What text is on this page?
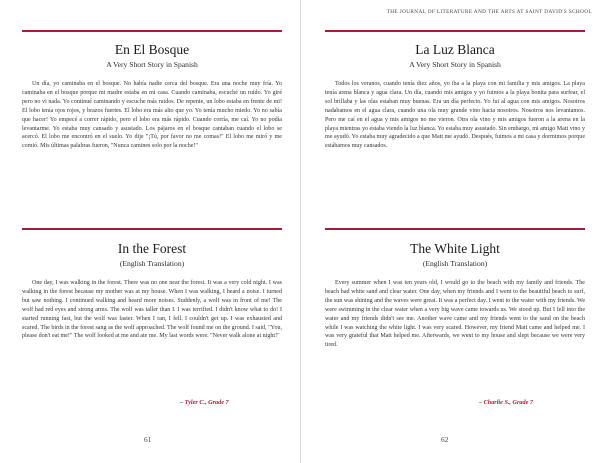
En El Bosque
A Very Short Story in Spanish

Un día, yo caminaba en el bosque. No había nadie cerca del bosque. Era una noche muy fría. Yo caminaba en el bosque porque mi madre estaba en mi casa. Cuando caminaba, escuché un ruido. Yo giré pero no vi nada. Yo continué caminando y escuche más ruidos. De repente, un lobo estaba en frente de mi! El lobo tenía ojos rojos, y brazos fuertes. El lobo era más alto que yo. Yo tenía mucho miedo. Yo no sabía que hacer! Yo empecé a correr rápido, pero el lobo era más rápido. Cuando corría, me caí. Yo no podía levantarme. Yo estaba muy cansado y asustado. Los pájaros en el bosque cantaban cuando el lobo se acercó. El lobo me encontró en el suelo. Yo dije "¡Tú, por favor no me comas!" El lobo me miró y me comió. Mis últimas palabras fueron, "Nunca camines solo por la noche!"

In the Forest
(English Translation)

One day, I was walking in the forest. There was no one near the forest. It was a very cold night. I was walking in the forest because my mother was at my house. When I was walking, I heard a noise. I turned but saw nothing. I continued walking and heard more noises. Suddenly, a wolf was in front of me! The wolf had red eyes and strong arms. The wolf was taller than I. I was terrified. I didn't know what to do! I started running fast, but the wolf was faster. When I ran, I fell. I couldn't get up. I was exhausted and scared. The birds in the forest sang as the wolf approached. The wolf found me on the ground. I said, "You, please don't eat me!" The wolf looked at me and ate me. My last words were. "Never walk alone at night!"

– Tyler C., Grade 7
61
THE JOURNAL OF LITERATURE AND THE ARTS AT SAINT DAVID'S SCHOOL
La Luz Blanca
A Very Short Story in Spanish

Todos los veranos, cuando tenía diez años, yo iba a la playa con mi familia y mis amigos. La playa tenía arena blanca y agua clara. Un día, cuando mis amigos y yo fuimos a la playa bonita para surfear, el sol brillaba y las olas estaban muy buenas. Era un día perfecto. Yo fui al agua con mis amigos. Nosotros nadabamos en el agua clara, cuando una ola muy grande vino hacia nosotros. Nosotros nos levantamos. Pero me caí en el agua y mis amigos no me vieron. Otra ola vino y mis amigos fueron a la arena en la playa mientras yo estaba viendo la luz blanca. Yo estaba muy asustado. Sin embargo, mi amigo Matt vino y me ayudó. Yo estaba muy agradecido a que Matt me ayudó. Después, fuimos a mi casa y dormimos porque estábamos muy cansados.

The White Light
(English Translation)

Every summer when I was ten years old, I would go to the beach with my family and friends. The beach had white sand and clear water. One day, when my friends and I went to the beautiful beach to surf, the sun was shining and the waves were great. It was a perfect day. I went to the water with my friends. We were swimming in the clear water when a very big wave came towards us. We stood up. But I fell into the water and my friends didn't see me. Another wave came and my friends went to the sand on the beach while I was watching the white light. I was very scared. However, my friend Matt came and helped me. I was very grateful that Matt helped me. Afterwards, we went to my house and slept because we were very tired.

– Charlie S., Grade 7
62
